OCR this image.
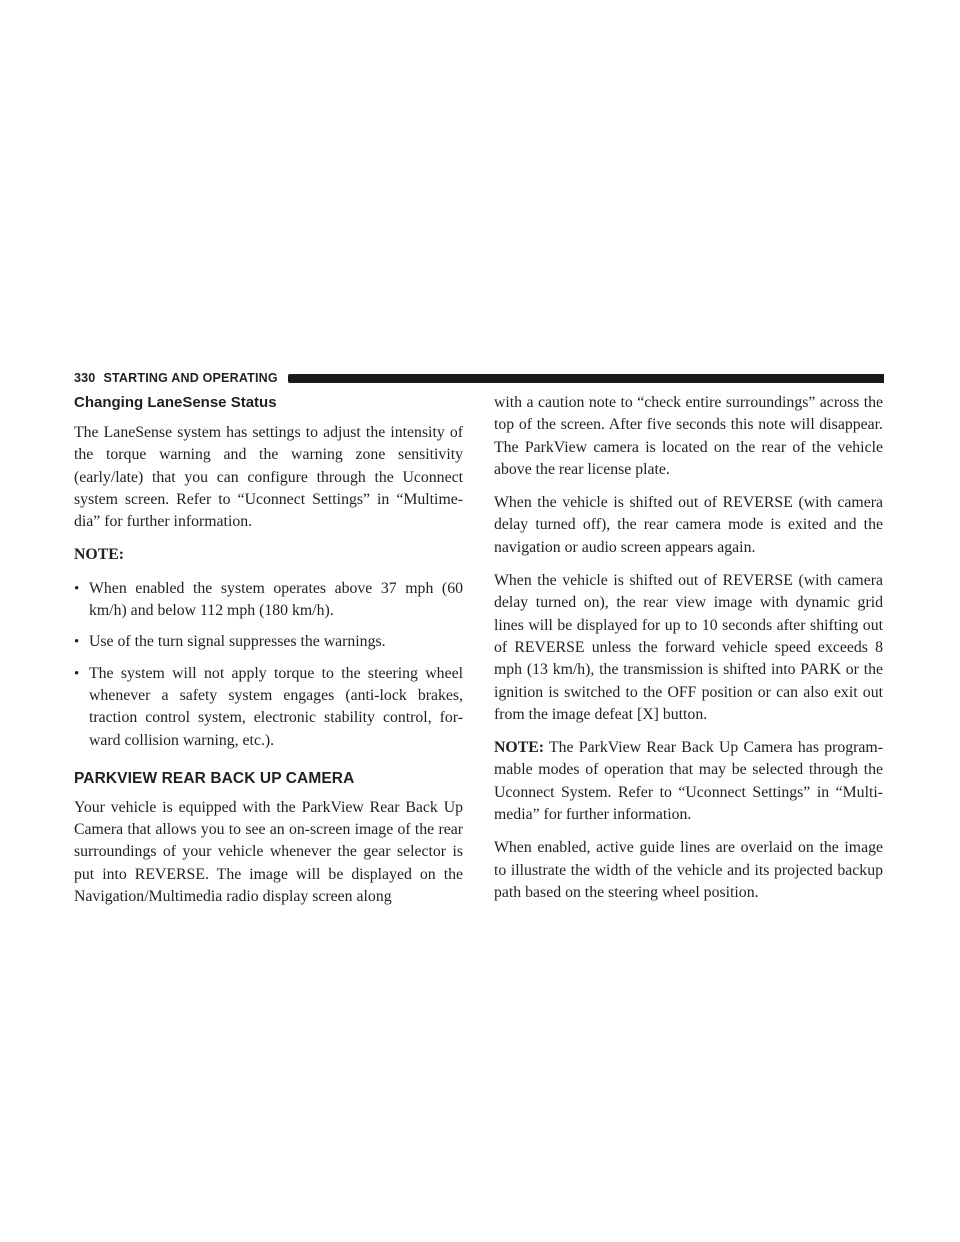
330 STARTING AND OPERATING
Changing LaneSense Status

The LaneSense system has settings to adjust the intensity of the torque warning and the warning zone sensitivity (early/late) that you can configure through the Uconnect system screen. Refer to “Uconnect Settings” in “Multime-dia” for further information.

NOTE:

• When enabled the system operates above 37 mph (60 km/h) and below 112 mph (180 km/h).
• Use of the turn signal suppresses the warnings.
• The system will not apply torque to the steering wheel whenever a safety system engages (anti-lock brakes, traction control system, electronic stability control, for-ward collision warning, etc.).
PARKVIEW REAR BACK UP CAMERA

Your vehicle is equipped with the ParkView Rear Back Up Camera that allows you to see an on-screen image of the rear surroundings of your vehicle whenever the gear selector is put into REVERSE. The image will be displayed on the Navigation/Multimedia radio display screen along

with a caution note to “check entire surroundings” across the top of the screen. After five seconds this note will disappear. The ParkView camera is located on the rear of the vehicle above the rear license plate.

When the vehicle is shifted out of REVERSE (with camera delay turned off), the rear camera mode is exited and the navigation or audio screen appears again.

When the vehicle is shifted out of REVERSE (with camera delay turned on), the rear view image with dynamic grid lines will be displayed for up to 10 seconds after shifting out of REVERSE unless the forward vehicle speed exceeds 8 mph (13 km/h), the transmission is shifted into PARK or the ignition is switched to the OFF position or can also exit out from the image defeat [X] button.

NOTE: The ParkView Rear Back Up Camera has program-mable modes of operation that may be selected through the Uconnect System. Refer to “Uconnect Settings” in “Multi-media” for further information.

When enabled, active guide lines are overlaid on the image to illustrate the width of the vehicle and its projected backup path based on the steering wheel position.
